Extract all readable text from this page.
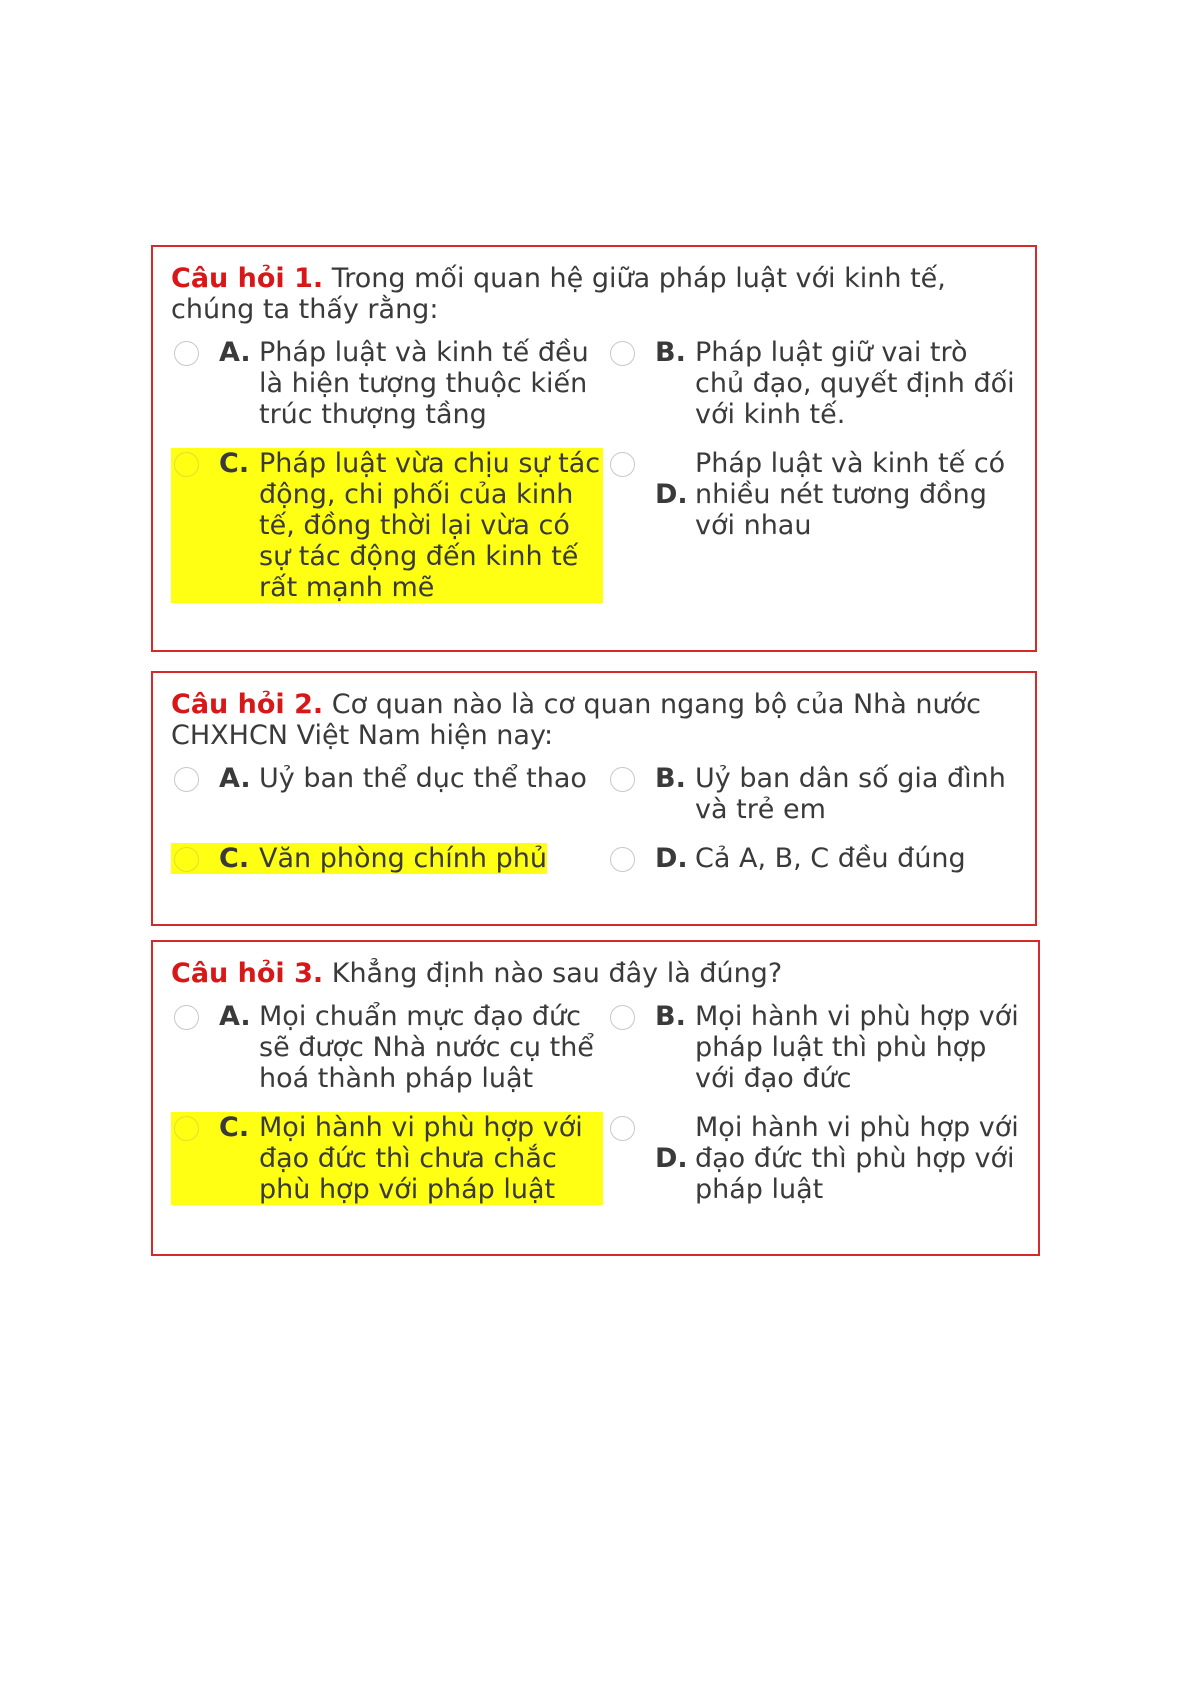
Câu hỏi 1. Trong mối quan hệ giữa pháp luật với kinh tế, chúng ta thấy rằng:

A. Pháp luật và kinh tế đều là hiện tượng thuộc kiến trúc thượng tầng
B. Pháp luật giữ vai trò chủ đạo, quyết định đối với kinh tế.
C. Pháp luật vừa chịu sự tác động, chi phối của kinh tế, đồng thời lại vừa có sự tác động đến kinh tế rất mạnh mẽ
D.
Pháp luật và kinh tế có nhiều nét tương đồng với nhau

Câu hỏi 2. Cơ quan nào là cơ quan ngang bộ của Nhà nước CHXHCN Việt Nam hiện nay:

A. Uỷ ban thể dục thể thao	B. Uỷ ban dân số gia đình và trẻ em
C. Văn phòng chính phủ	D. Cả A, B, C đều đúng

Câu hỏi 3. Khẳng định nào sau đây là đúng?

A. Mọi chuẩn mực đạo đức sẽ được Nhà nước cụ thể hoá thành pháp luật
B. Mọi hành vi phù hợp với pháp luật thì phù hợp với đạo đức
C. Mọi hành vi phù hợp với đạo đức thì chưa chắc phù hợp với pháp luật
D.
Mọi hành vi phù hợp với đạo đức thì phù hợp với pháp luật
